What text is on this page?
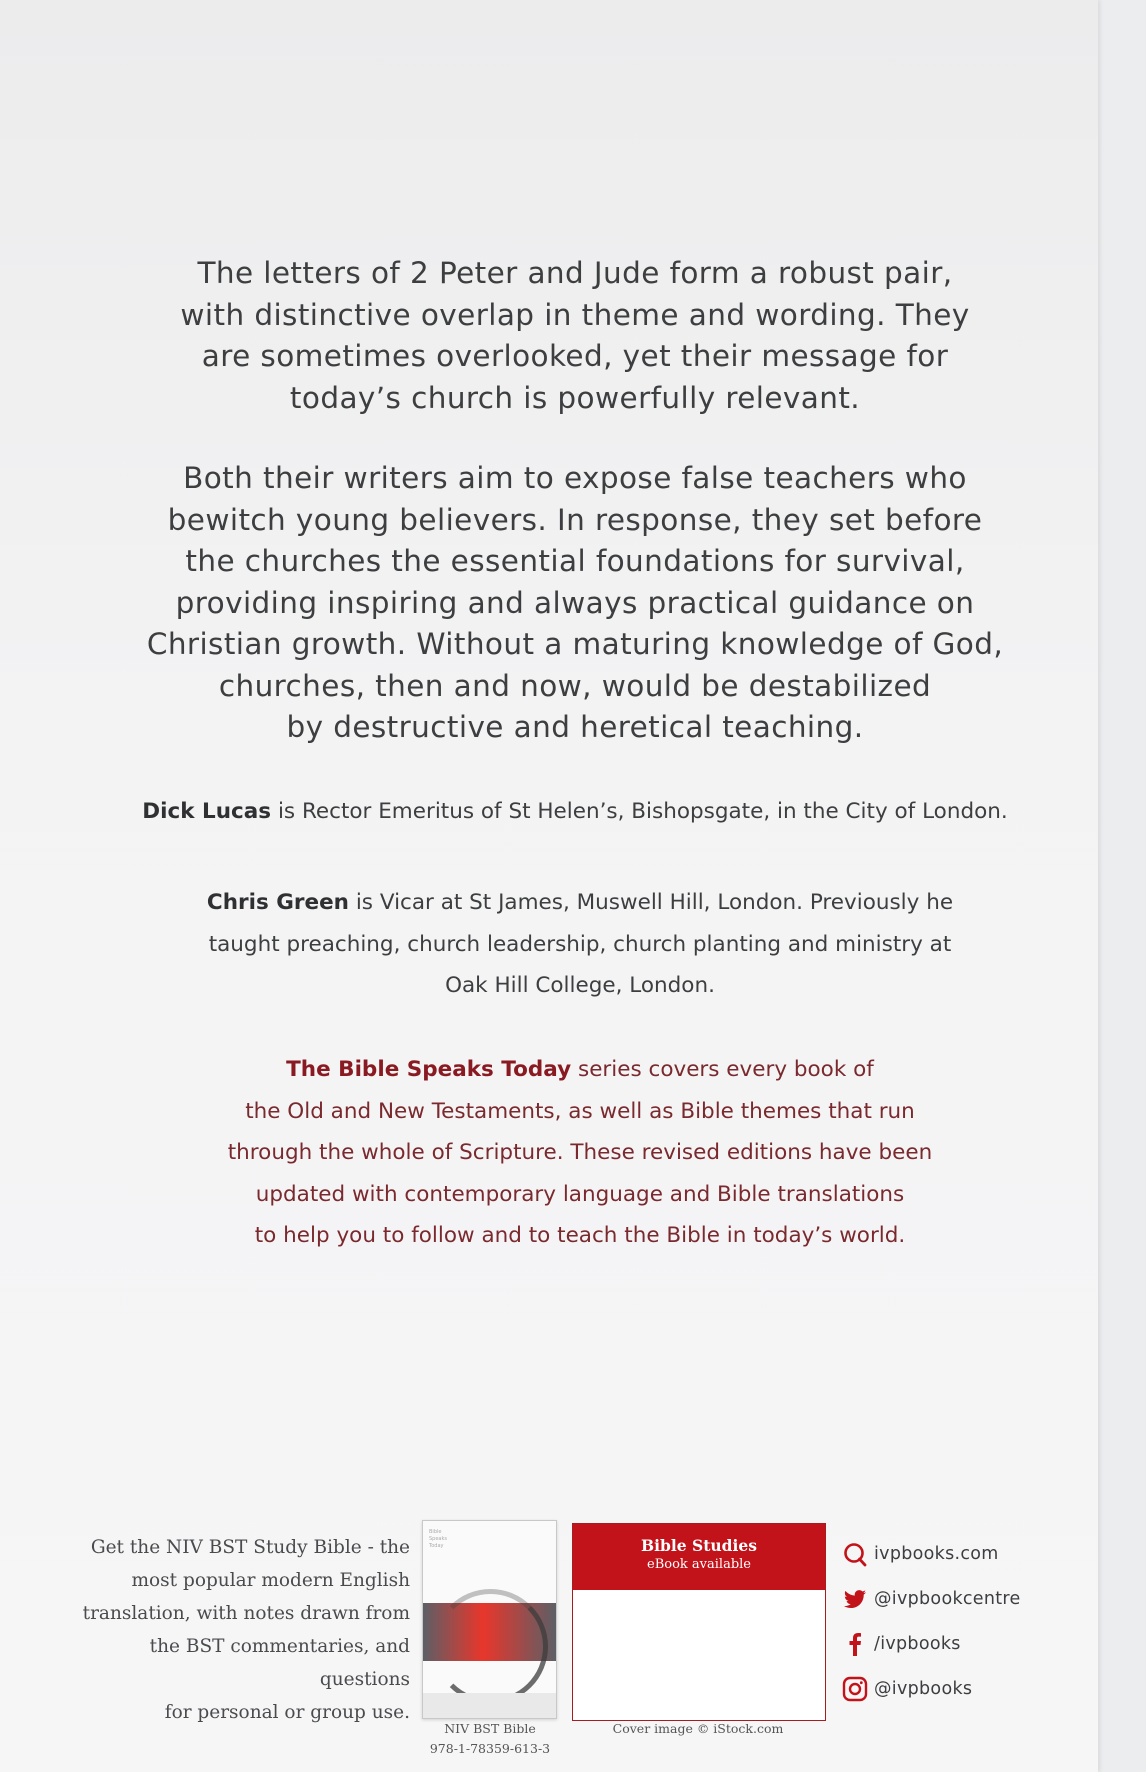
The letters of 2 Peter and Jude form a robust pair,

with distinctive overlap in theme and wording. They

are sometimes overlooked, yet their message for

today’s church is powerfully relevant.

Both their writers aim to expose false teachers who

bewitch young believers. In response, they set before

the churches the essential foundations for survival,

providing inspiring and always practical guidance on

Christian growth. Without a maturing knowledge of God,

churches, then and now, would be destabilized

by destructive and heretical teaching.

Dick Lucas is Rector Emeritus of St Helen’s, Bishopsgate, in the City of London.
Chris Green is Vicar at St James, Muswell Hill, London. Previously he
taught preaching, church leadership, church planting and ministry at
Oak Hill College, London.
The Bible Speaks Today series covers every book of
the Old and New Testaments, as well as Bible themes that run
through the whole of Scripture. These revised editions have been
updated with contemporary language and Bible translations
to help you to follow and to teach the Bible in today’s world.
Get the NIV BST Study Bible - the
most popular modern English
translation, with notes drawn from
the BST commentaries, and questions
for personal or group use.
Bible
Speaks
Today
NIV BST Bible
978-1-78359-613-3
Bible Studies
eBook available
Cover image © iStock.com
ivpbooks.com
@ivpbookcentre
/ivpbooks
@ivpbooks
